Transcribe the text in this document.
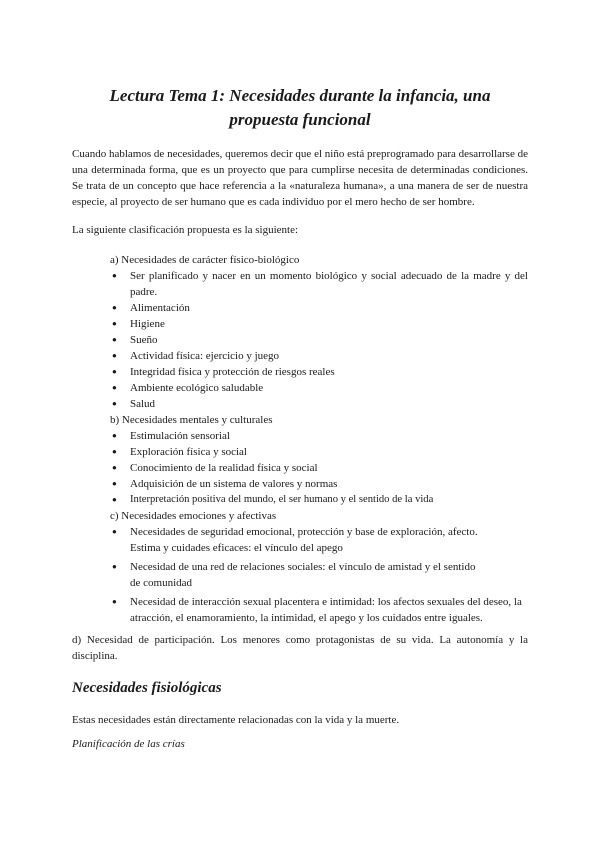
Lectura Tema 1: Necesidades durante la infancia, una
propuesta funcional

Cuando hablamos de necesidades, queremos decir que el niño está preprogramado para desarrollarse de una determinada forma, que es un proyecto que para cumplirse necesita de determinadas condiciones. Se trata de un concepto que hace referencia a la «naturaleza humana», a una manera de ser de nuestra especie, al proyecto de ser humano que es cada individuo por el mero hecho de ser hombre.

La siguiente clasificación propuesta es la siguiente:

a) Necesidades de carácter físico-biológico
● Ser planificado y nacer en un momento biológico y social adecuado de la madre y del padre.
● Alimentación
● Higiene
● Sueño
● Actividad física: ejercicio y juego
● Integridad física y protección de riesgos reales
● Ambiente ecológico saludable
● Salud
b) Necesidades mentales y culturales
● Estimulación sensorial
● Exploración física y social
● Conocimiento de la realidad física y social
● Adquisición de un sistema de valores y normas
● Interpretación positiva del mundo, el ser humano y el sentido de la vida
c) Necesidades emociones y afectivas
● Necesidades de seguridad emocional, protección y base de exploración, afecto. Estima y cuidades eficaces: el vínculo del apego
● Necesidad de una red de relaciones sociales: el vínculo de amistad y el sentido de comunidad
● Necesidad de interacción sexual placentera e intimidad: los afectos sexuales del deseo, la atracción, el enamoramiento, la intimidad, el apego y los cuidados entre iguales.

d) Necesidad de participación. Los menores como protagonistas de su vida. La autonomía y la disciplina.

Necesidades fisiológicas

Estas necesidades están directamente relacionadas con la vida y la muerte.

Planificación de las crías
